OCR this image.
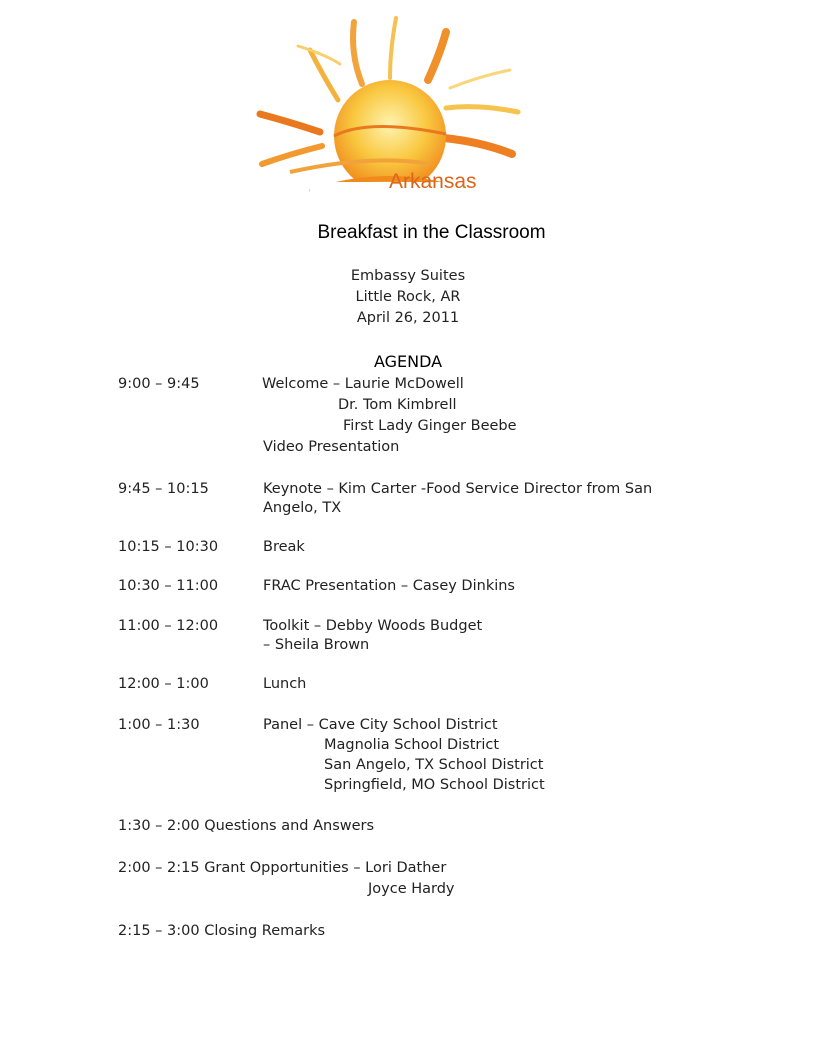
Arkansas
Breakfast in the Classroom
Embassy Suites
Little Rock, AR
April 26, 2011
AGENDA
9:00 – 9:45	Welcome – Laurie McDowell
Dr. Tom Kimbrell
First Lady Ginger Beebe
Video Presentation
9:45 – 10:15	Keynote – Kim Carter -Food Service Director from San
Angelo, TX
10:15 – 10:30	Break
10:30 – 11:00	FRAC Presentation – Casey Dinkins
11:00 – 12:00	Toolkit – Debby Woods Budget
– Sheila Brown
12:00 – 1:00	Lunch
1:00 – 1:30	Panel – Cave City School District
Magnolia School District
San Angelo, TX School District
Springfield, MO School District
1:30 – 2:00 Questions and Answers
2:00 – 2:15 Grant Opportunities – Lori Dather
Joyce Hardy
2:15 – 3:00 Closing Remarks
